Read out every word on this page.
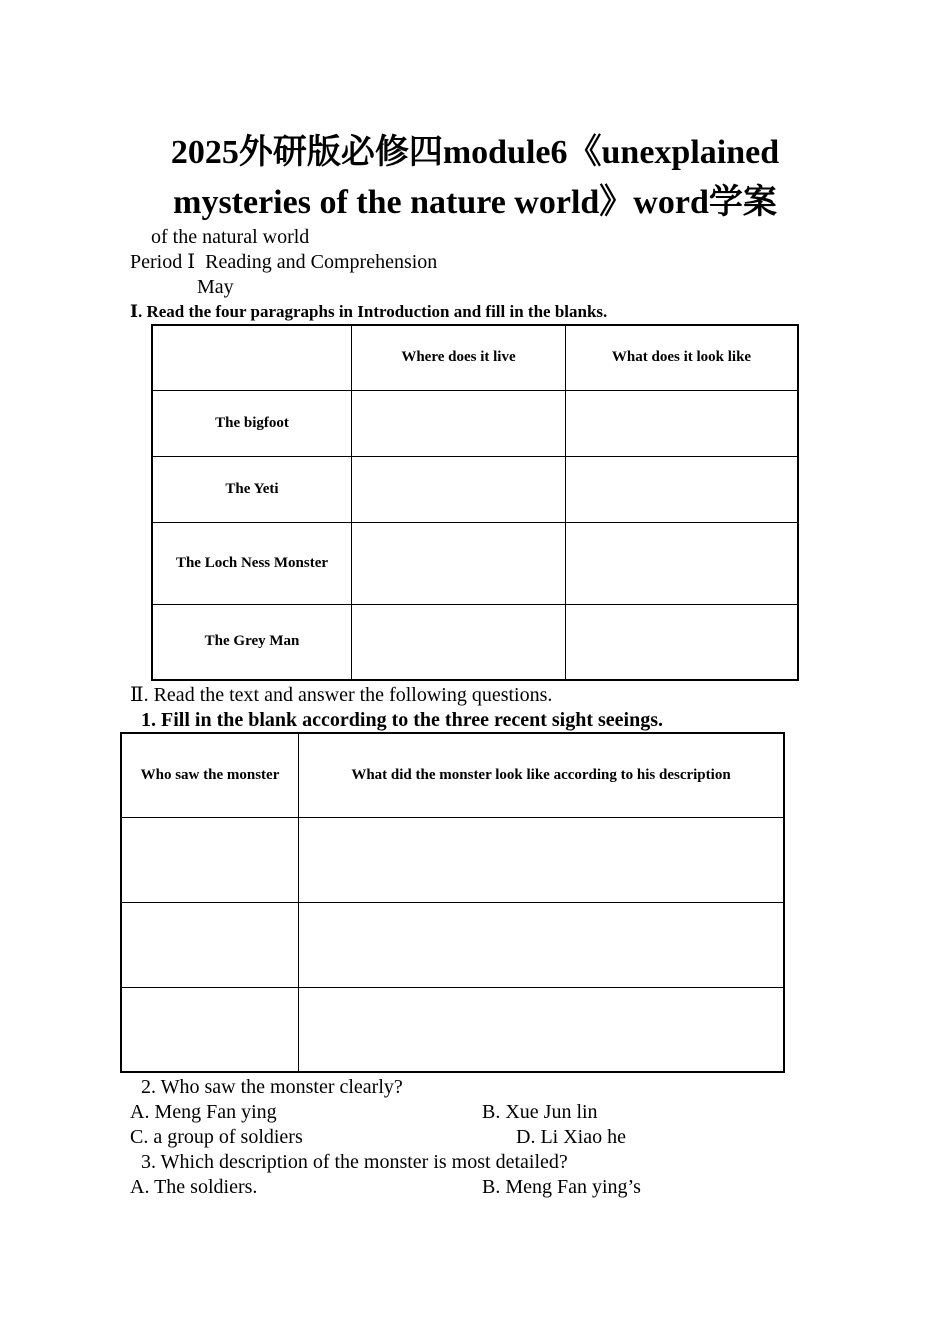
2025外研版必修四module6《unexplained mysteries of the nature world》word学案
of the natural world
Period Ⅰ  Reading and Comprehension
May
Ⅰ. Read the four paragraphs in Introduction and fill in the blanks.
	Where does it live	What does it look like
The bigfoot		
The Yeti		
The Loch Ness Monster		
The Grey Man		
Ⅱ. Read the text and answer the following questions.
1. Fill in the blank according to the three recent sight seeings.
Who saw the monster	What did the monster look like according to his description

2. Who saw the monster clearly?
A. Meng Fan ying	B. Xue Jun lin
C. a group of soldiers	D. Li Xiao he
3. Which description of the monster is most detailed?
A. The soldiers.	B. Meng Fan ying’s
